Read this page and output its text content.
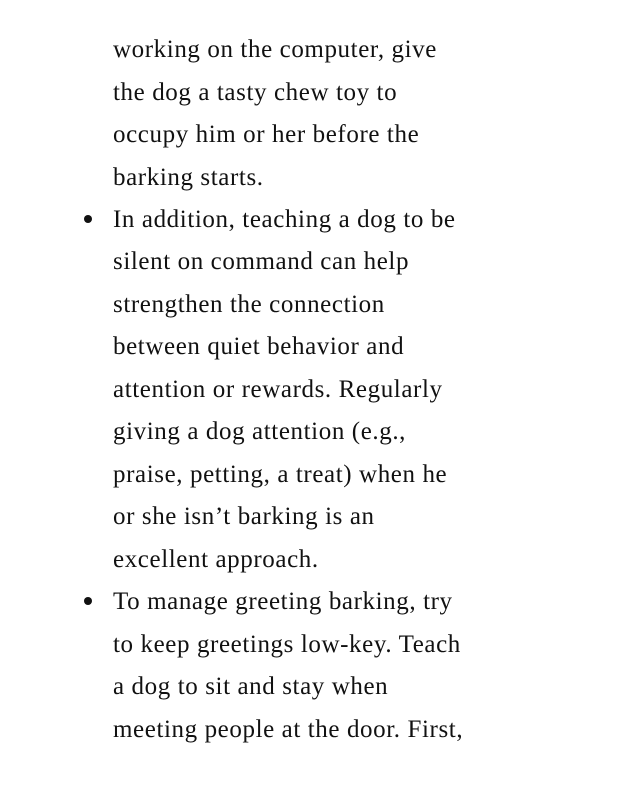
working on the computer, give
the dog a tasty chew toy to
occupy him or her before the
barking starts.
In addition, teaching a dog to be
silent on command can help
strengthen the connection
between quiet behavior and
attention or rewards. Regularly
giving a dog attention (e.g.,
praise, petting, a treat) when he
or she isn’t barking is an
excellent approach.
To manage greeting barking, try
to keep greetings low-key. Teach
a dog to sit and stay when
meeting people at the door. First,
